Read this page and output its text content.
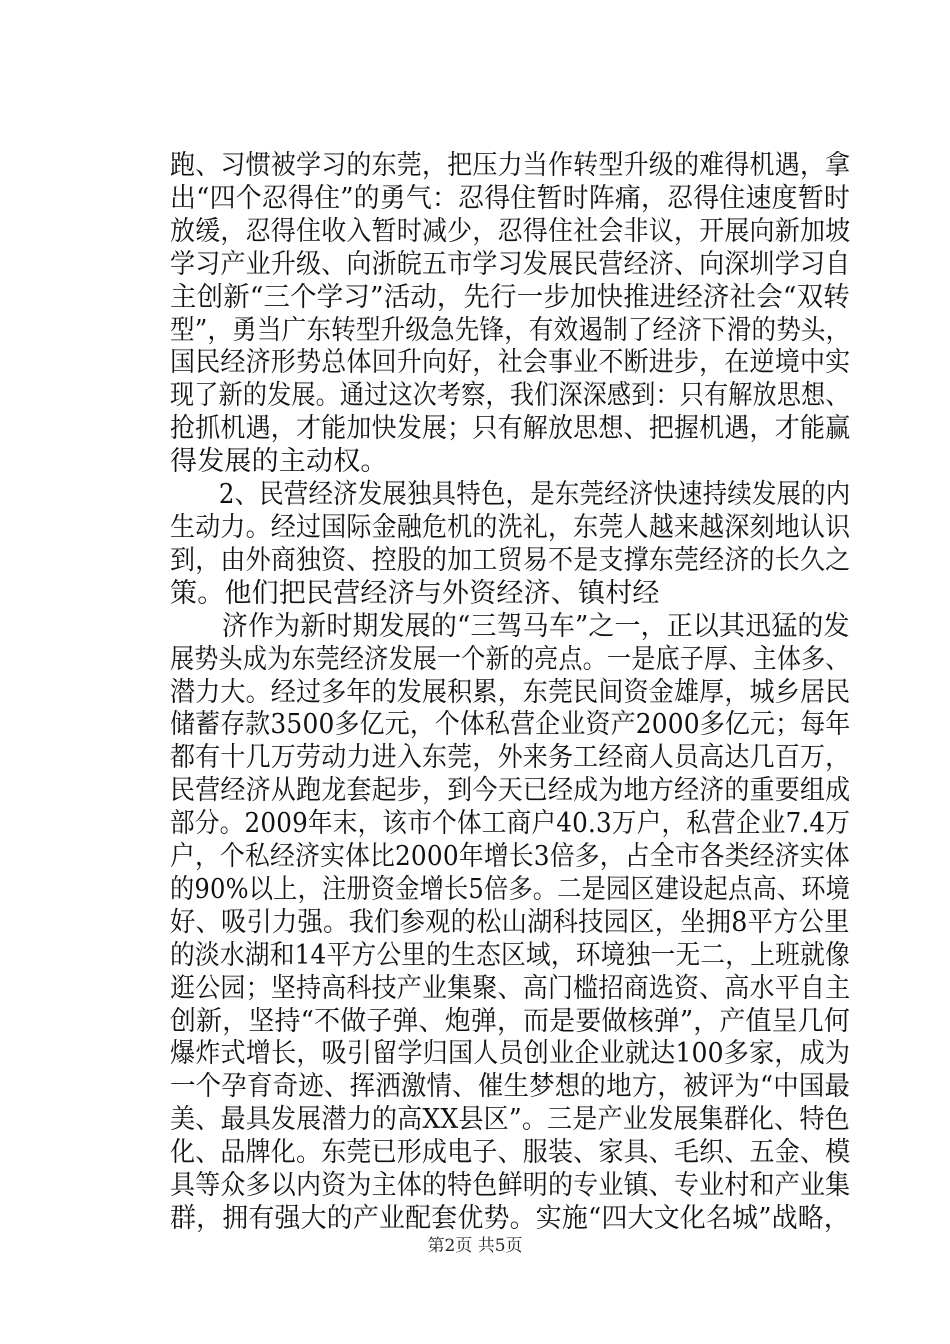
跑、习惯被学习的东莞，把压力当作转型升级的难得机遇，拿
出“四个忍得住”的勇气：忍得住暂时阵痛，忍得住速度暂时
放缓，忍得住收入暂时减少，忍得住社会非议，开展向新加坡
学习产业升级、向浙皖五市学习发展民营经济、向深圳学习自
主创新“三个学习”活动，先行一步加快推进经济社会“双转
型”，勇当广东转型升级急先锋，有效遏制了经济下滑的势头，
国民经济形势总体回升向好，社会事业不断进步，在逆境中实
现了新的发展。通过这次考察，我们深深感到：只有解放思想、
抢抓机遇，才能加快发展；只有解放思想、把握机遇，才能赢
得发展的主动权。
2、民营经济发展独具特色，是东莞经济快速持续发展的内
生动力。经过国际金融危机的洗礼，东莞人越来越深刻地认识
到，由外商独资、控股的加工贸易不是支撑东莞经济的长久之
策。他们把民营经济与外资经济、镇村经
济作为新时期发展的“三驾马车”之一，正以其迅猛的发
展势头成为东莞经济发展一个新的亮点。一是底子厚、主体多、
潜力大。经过多年的发展积累，东莞民间资金雄厚，城乡居民
储蓄存款3500多亿元，个体私营企业资产2000多亿元；每年
都有十几万劳动力进入东莞，外来务工经商人员高达几百万，
民营经济从跑龙套起步，到今天已经成为地方经济的重要组成
部分。2009年末，该市个体工商户40.3万户，私营企业7.4万
户，个私经济实体比2000年增长3倍多，占全市各类经济实体
的90%以上，注册资金增长5倍多。二是园区建设起点高、环境
好、吸引力强。我们参观的松山湖科技园区，坐拥8平方公里
的淡水湖和14平方公里的生态区域，环境独一无二，上班就像
逛公园；坚持高科技产业集聚、高门槛招商选资、高水平自主
创新，坚持“不做子弹、炮弹，而是要做核弹”，产值呈几何
爆炸式增长，吸引留学归国人员创业企业就达100多家，成为
一个孕育奇迹、挥洒激情、催生梦想的地方，被评为“中国最
美、最具发展潜力的高XX县区”。三是产业发展集群化、特色
化、品牌化。东莞已形成电子、服装、家具、毛织、五金、模
具等众多以内资为主体的特色鲜明的专业镇、专业村和产业集
群，拥有强大的产业配套优势。实施“四大文化名城”战略，
第2页 共5页
